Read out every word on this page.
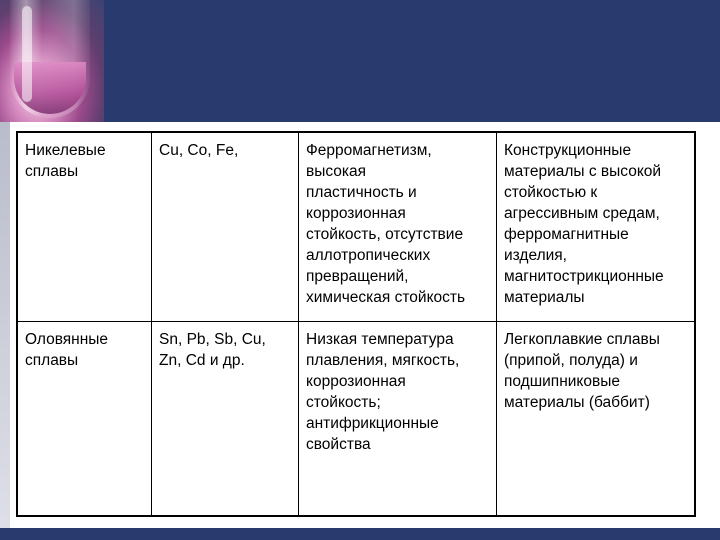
Никелевые
сплавы
Cu, Co, Fe,	Ферромагнетизм,
высокая
пластичность и
коррозионная
стойкость, отсутствие
аллотропических
превращений,
химическая стойкость
Конструкционные
материалы с высокой
стойкостью к
агрессивным средам,
ферромагнитные
изделия,
магнитострикционные
материалы
Оловянные
сплавы
Sn, Pb, Sb, Cu,
Zn, Cd и др.
Низкая температура
плавления, мягкость,
коррозионная
стойкость;
антифрикционные
свойства
Легкоплавкие сплавы
(припой, полуда) и
подшипниковые
материалы (баббит)
